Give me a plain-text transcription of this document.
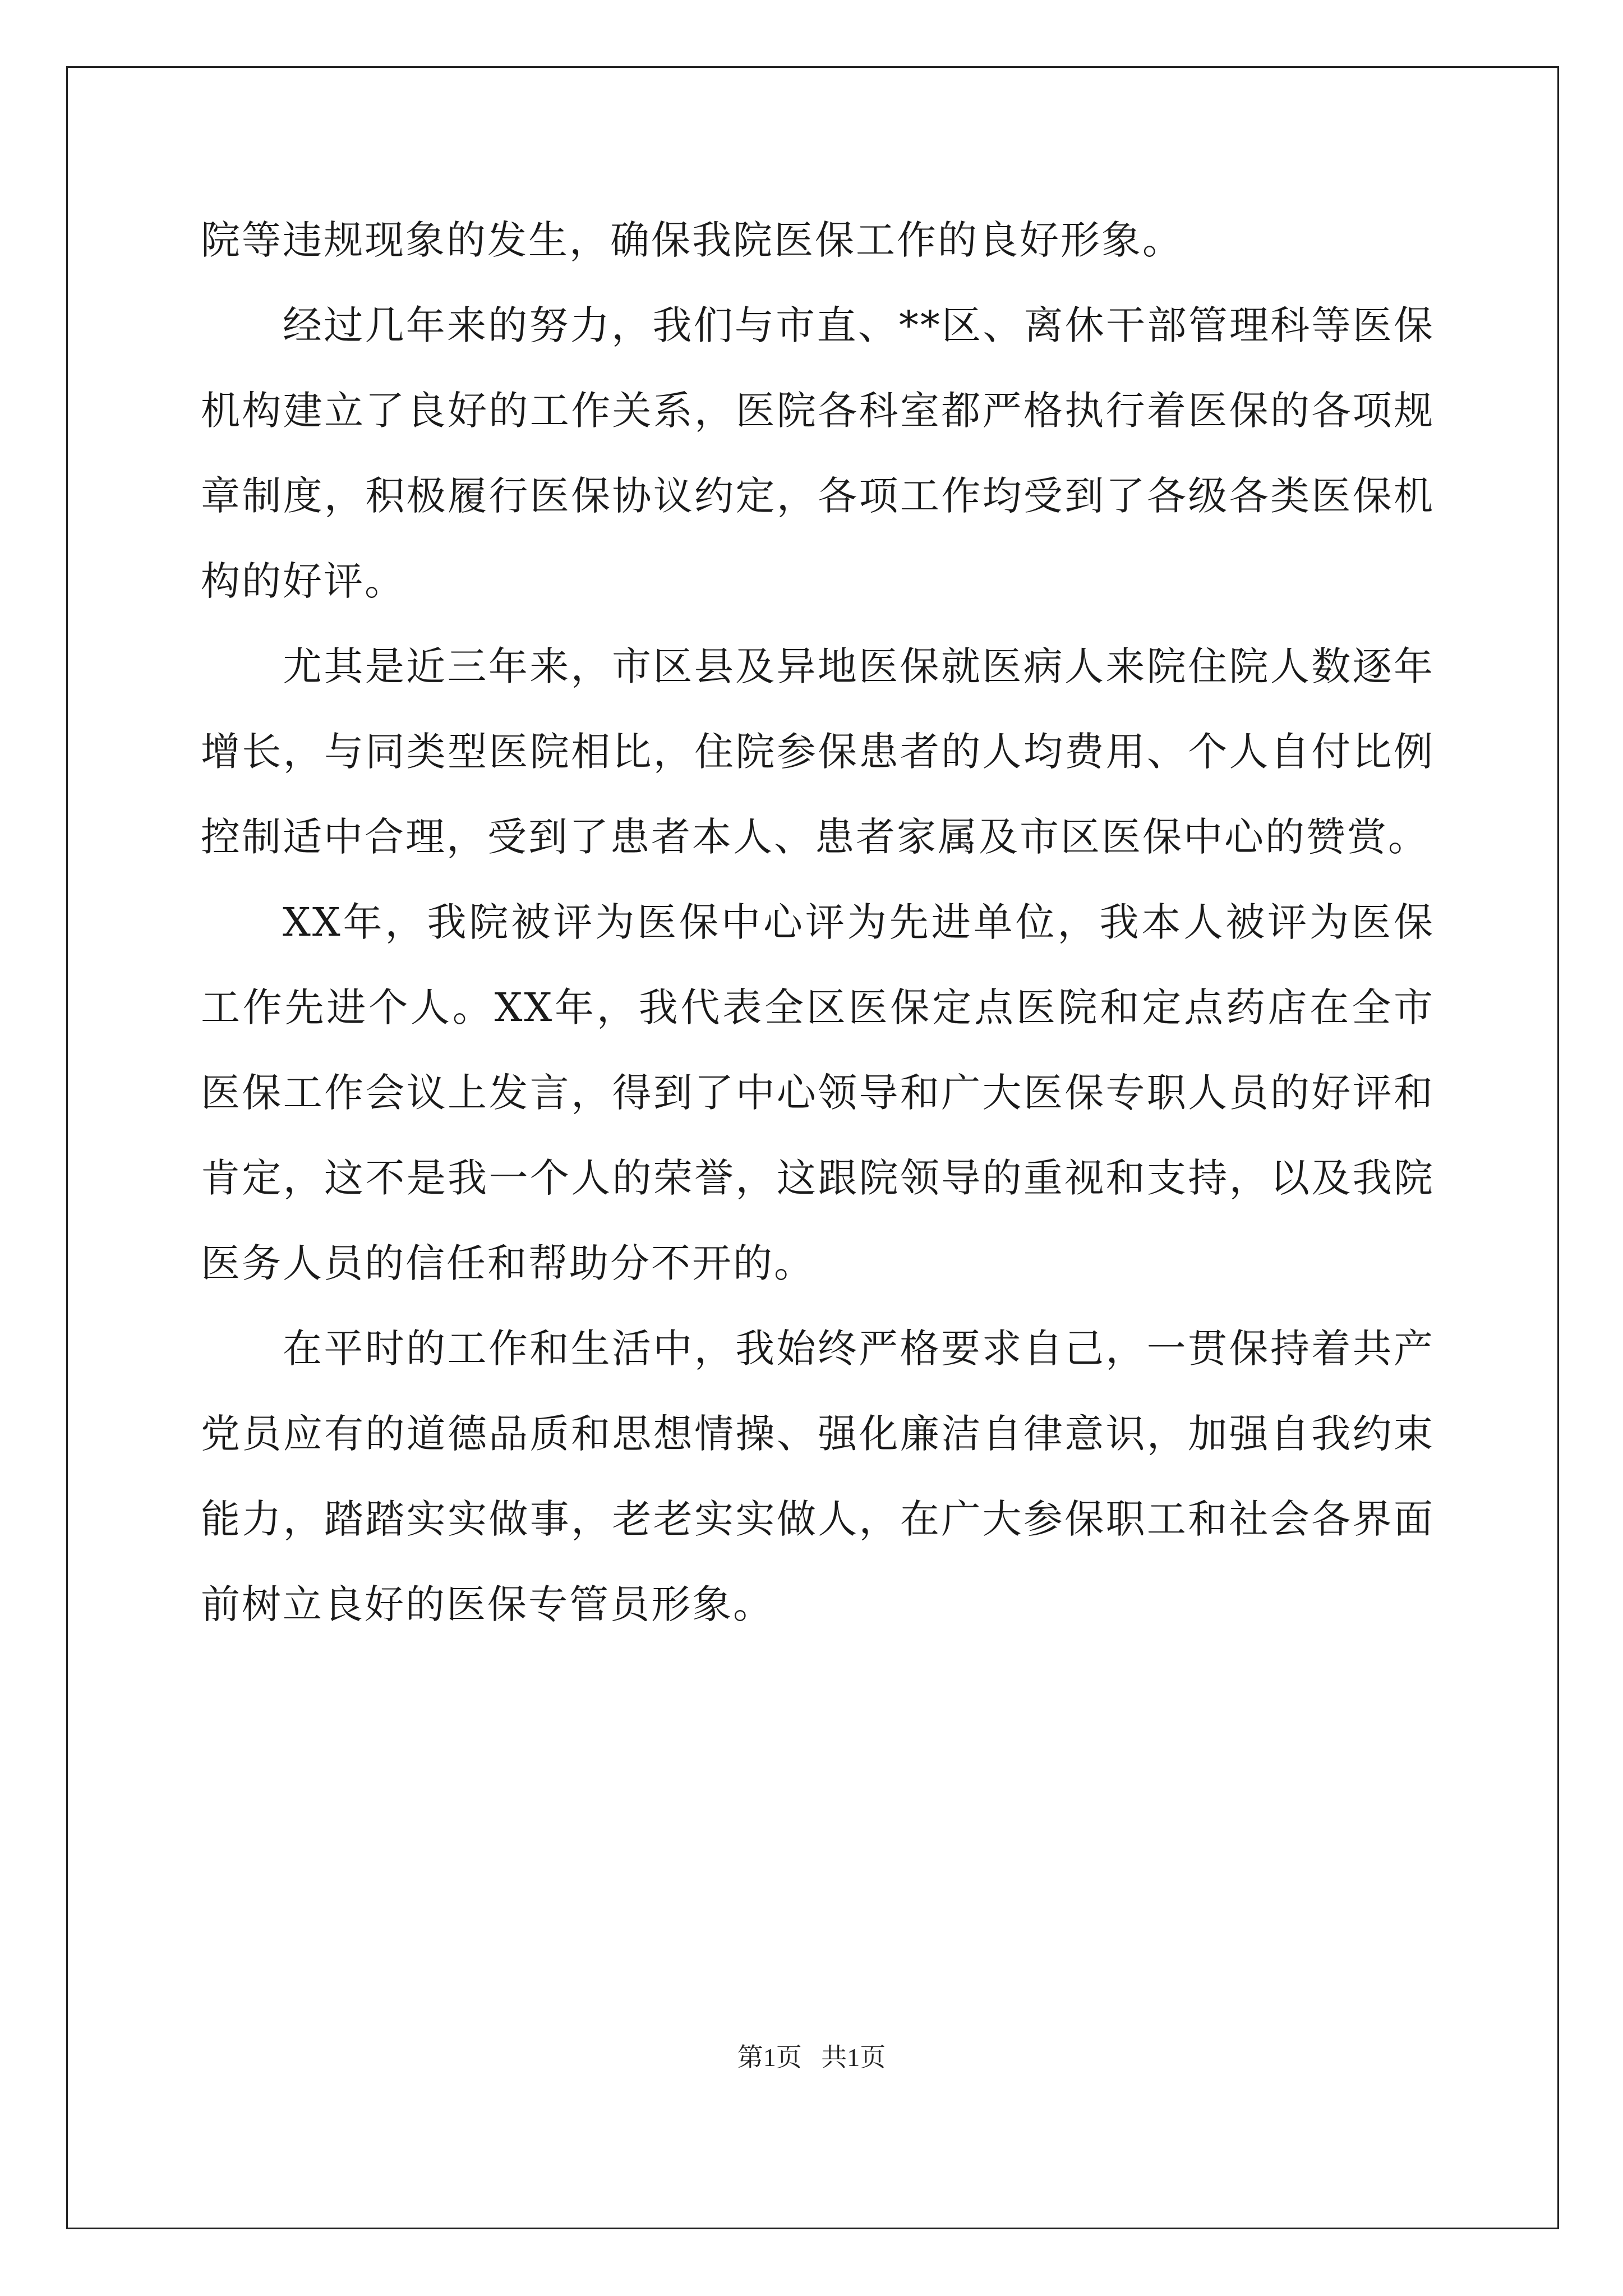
院等违规现象的发生，确保我院医保工作的良好形象。

经过几年来的努力，我们与市直、**区、离休干部管理科等医保机构建立了良好的工作关系，医院各科室都严格执行着医保的各项规章制度，积极履行医保协议约定，各项工作均受到了各级各类医保机构的好评。

尤其是近三年来，市区县及异地医保就医病人来院住院人数逐年增长，与同类型医院相比，住院参保患者的人均费用、个人自付比例控制适中合理，受到了患者本人、患者家属及市区医保中心的赞赏。

XX年，我院被评为医保中心评为先进单位，我本人被评为医保工作先进个人。XX年，我代表全区医保定点医院和定点药店在全市医保工作会议上发言，得到了中心领导和广大医保专职人员的好评和肯定，这不是我一个人的荣誉，这跟院领导的重视和支持，以及我院医务人员的信任和帮助分不开的。

在平时的工作和生活中，我始终严格要求自己，一贯保持着共产党员应有的道德品质和思想情操、强化廉洁自律意识，加强自我约束能力，踏踏实实做事，老老实实做人，在广大参保职工和社会各界面前树立良好的医保专管员形象。

第1页   共1页
